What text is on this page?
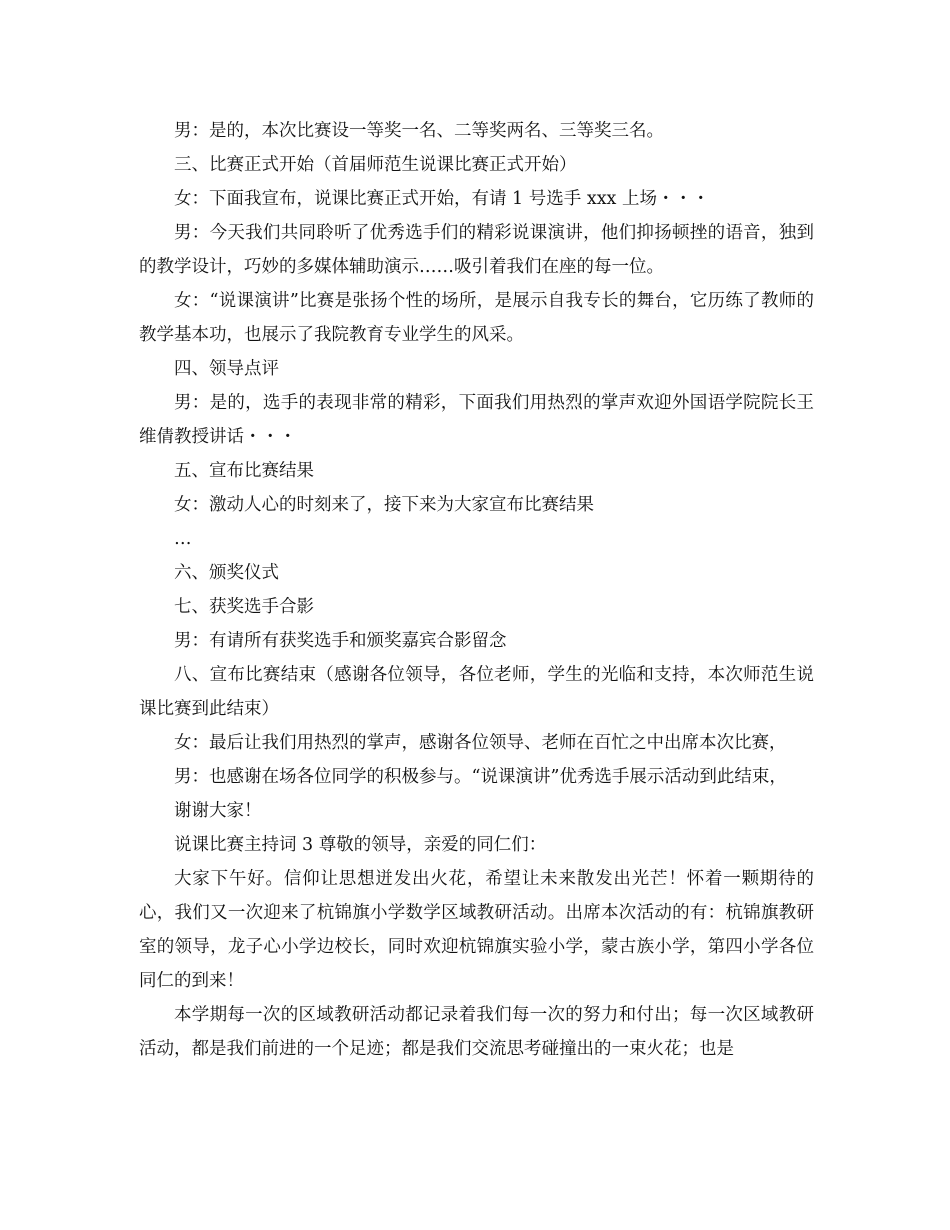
男：是的，本次比赛设一等奖一名、二等奖两名、三等奖三名。

三、比赛正式开始（首届师范生说课比赛正式开始）

女：下面我宣布，说课比赛正式开始，有请 1 号选手 xxx 上场・・・

男：今天我们共同聆听了优秀选手们的精彩说课演讲，他们抑扬顿挫的语音，独到的教学设计，巧妙的多媒体辅助演示……吸引着我们在座的每一位。

女：“说课演讲”比赛是张扬个性的场所，是展示自我专长的舞台，它历练了教师的教学基本功，也展示了我院教育专业学生的风采。

四、领导点评

男：是的，选手的表现非常的精彩，下面我们用热烈的掌声欢迎外国语学院院长王维倩教授讲话・・・

五、宣布比赛结果

女：激动人心的时刻来了，接下来为大家宣布比赛结果

…

六、颁奖仪式

七、获奖选手合影

男：有请所有获奖选手和颁奖嘉宾合影留念

八、宣布比赛结束（感谢各位领导，各位老师，学生的光临和支持，本次师范生说课比赛到此结束）

女：最后让我们用热烈的掌声，感谢各位领导、老师在百忙之中出席本次比赛，

男：也感谢在场各位同学的积极参与。“说课演讲”优秀选手展示活动到此结束，

谢谢大家！

说课比赛主持词 3 尊敬的领导，亲爱的同仁们：

大家下午好。信仰让思想迸发出火花，希望让未来散发出光芒！怀着一颗期待的心，我们又一次迎来了杭锦旗小学数学区域教研活动。出席本次活动的有：杭锦旗教研室的领导，龙子心小学边校长，同时欢迎杭锦旗实验小学，蒙古族小学，第四小学各位同仁的到来！

本学期每一次的区域教研活动都记录着我们每一次的努力和付出；每一次区域教研活动，都是我们前进的一个足迹；都是我们交流思考碰撞出的一束火花；也是
